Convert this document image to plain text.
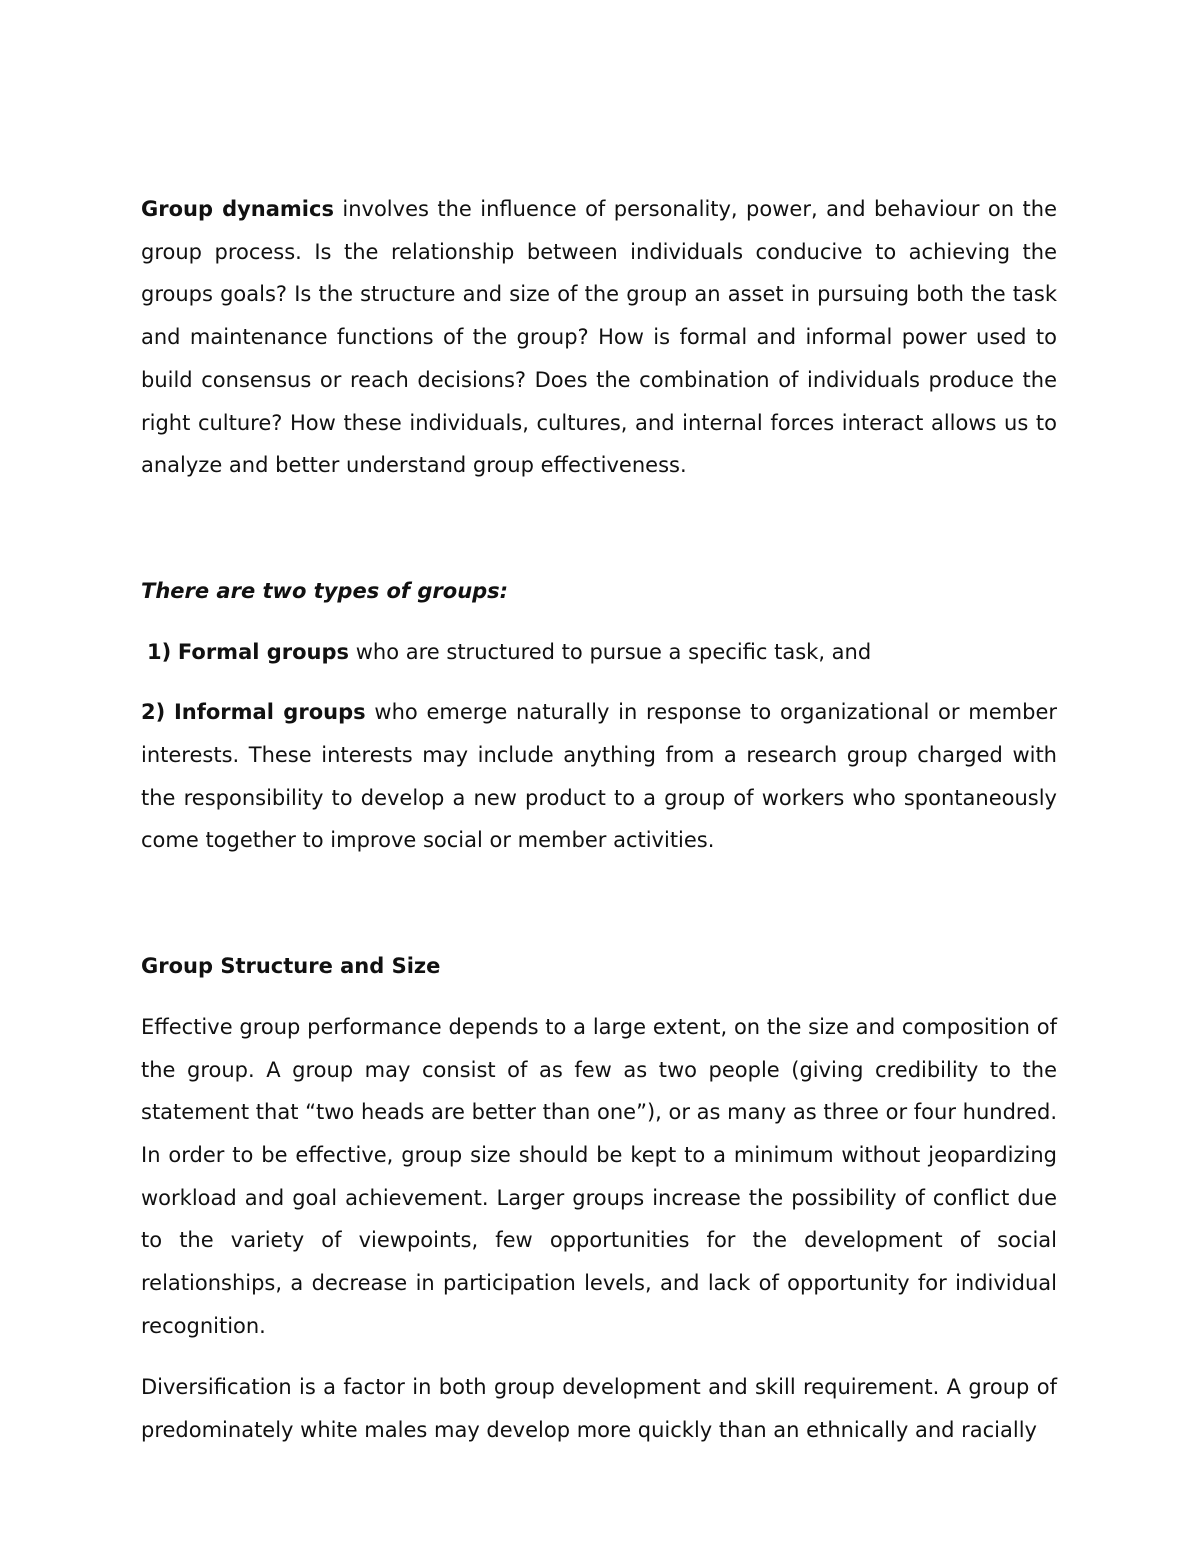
Group dynamics involves the influence of personality, power, and behaviour on the group process. Is the relationship between individuals conducive to achieving the groups goals? Is the structure and size of the group an asset in pursuing both the task and maintenance functions of the group? How is formal and informal power used to build consensus or reach decisions? Does the combination of individuals produce the right culture? How these individuals, cultures, and internal forces interact allows us to analyze and better understand group effectiveness.

There are two types of groups:

1) Formal groups who are structured to pursue a specific task, and

2) Informal groups who emerge naturally in response to organizational or member interests. These interests may include anything from a research group charged with the responsibility to develop a new product to a group of workers who spontaneously come together to improve social or member activities.

Group Structure and Size

Effective group performance depends to a large extent, on the size and composition of the group. A group may consist of as few as two people (giving credibility to the statement that “two heads are better than one”), or as many as three or four hundred. In order to be effective, group size should be kept to a minimum without jeopardizing workload and goal achievement. Larger groups increase the possibility of conflict due to the variety of viewpoints, few opportunities for the development of social relationships, a decrease in participation levels, and lack of opportunity for individual recognition.

Diversification is a factor in both group development and skill requirement. A group of predominately white males may develop more quickly than an ethnically and racially
